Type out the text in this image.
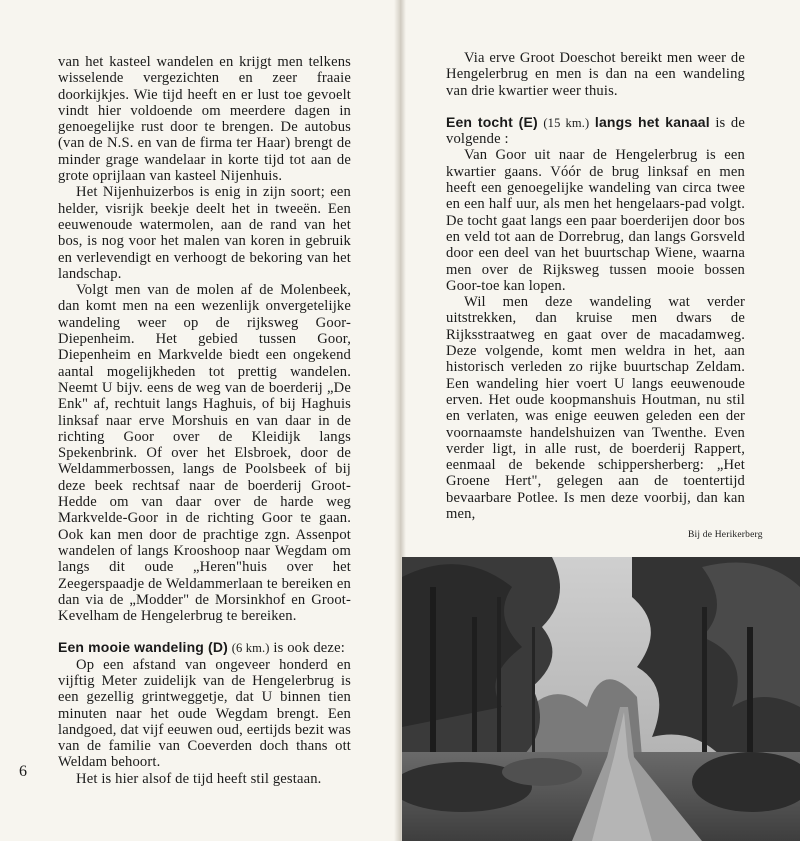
van het kasteel wandelen en krijgt men telkens wisselende vergezichten en zeer fraaie doorkijkjes. Wie tijd heeft en er lust toe gevoelt vindt hier voldoende om meerdere dagen in genoegelijke rust door te brengen. De autobus (van de N.S. en van de firma ter Haar) brengt de minder grage wandelaar in korte tijd tot aan de grote oprijlaan van kasteel Nijenhuis.

Het Nijenhuizerbos is enig in zijn soort; een helder, visrijk beekje deelt het in tweeën. Een eeuwenoude watermolen, aan de rand van het bos, is nog voor het malen van koren in gebruik en verlevendigt en verhoogt de bekoring van het landschap.

Volgt men van de molen af de Molenbeek, dan komt men na een wezenlijk onvergetelijke wandeling weer op de rijksweg Goor-Diepenheim. Het gebied tussen Goor, Diepenheim en Markvelde biedt een ongekend aantal mogelijkheden tot prettig wandelen. Neemt U bijv. eens de weg van de boerderij „De Enk" af, rechtuit langs Haghuis, of bij Haghuis linksaf naar erve Morshuis en van daar in de richting Goor over de Kleidijk langs Spekenbrink. Of over het Elsbroek, door de Weldammerbossen, langs de Poolsbeek of bij deze beek rechtsaf naar de boerderij Groot-Hedde om van daar over de harde weg Markvelde-Goor in de richting Goor te gaan. Ook kan men door de prachtige zgn. Assenpot wandelen of langs Krooshoop naar Wegdam om langs dit oude „Heren"huis over het Zeegerspaadje de Weldammerlaan te bereiken en dan via de „Modder" de Morsinkhof en Groot-Kevelham de Hengelerbrug te bereiken.

Een mooie wandeling (D) (6 km.) is ook deze:

Op een afstand van ongeveer honderd en vijftig Meter zuidelijk van de Hengelerbrug is een gezellig grintweggetje, dat U binnen tien minuten naar het oude Wegdam brengt. Een landgoed, dat vijf eeuwen oud, eertijds bezit was van de familie van Coeverden doch thans ott Weldam behoort.

Het is hier alsof de tijd heeft stil gestaan.

6

Via erve Groot Doeschot bereikt men weer de Hengelerbrug en men is dan na een wandeling van drie kwartier weer thuis.

Een tocht (E) (15 km.) langs het kanaal is de volgende :

Van Goor uit naar de Hengelerbrug is een kwartier gaans. Vóór de brug linksaf en men heeft een genoegelijke wandeling van circa twee en een half uur, als men het hengelaars-pad volgt. De tocht gaat langs een paar boerderijen door bos en veld tot aan de Dorrebrug, dan langs Gorsveld door een deel van het buurtschap Wiene, waarna men over de Rijksweg tussen mooie bossen Goor-toe kan lopen.

Wil men deze wandeling wat verder uitstrekken, dan kruise men dwars de Rijksstraatweg en gaat over de macadamweg. Deze volgende, komt men weldra in het, aan historisch verleden zo rijke buurtschap Zeldam. Een wandeling hier voert U langs eeuwenoude erven. Het oude koopmanshuis Houtman, nu stil en verlaten, was enige eeuwen geleden een der voornaamste handelshuizen van Twenthe. Even verder ligt, in alle rust, de boerderij Rappert, eenmaal de bekende schippersherberg: „Het Groene Hert", gelegen aan de toentertijd bevaarbare Potlee. Is men deze voorbij, dan kan men,

Bij de Herikerberg
